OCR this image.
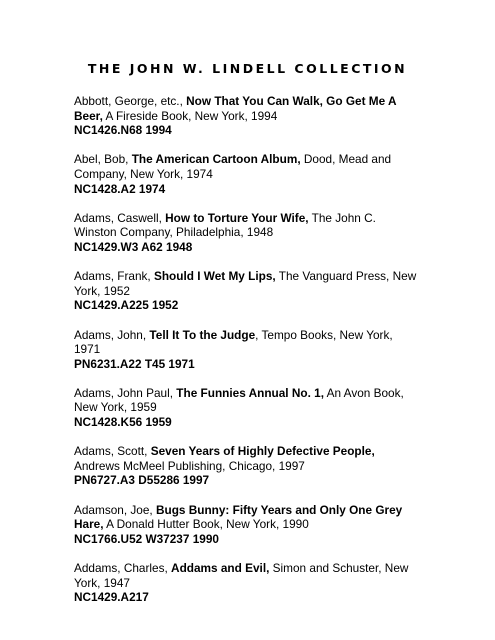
THE JOHN W. LINDELL COLLECTION
Abbott, George, etc., Now That You Can Walk, Go Get Me A Beer, A Fireside Book, New York, 1994
NC1426.N68 1994
Abel, Bob, The American Cartoon Album, Dood, Mead and Company, New York, 1974
NC1428.A2 1974
Adams, Caswell, How to Torture Your Wife, The John C. Winston Company, Philadelphia, 1948
NC1429.W3 A62 1948
Adams, Frank, Should I Wet My Lips, The Vanguard Press, New York, 1952
NC1429.A225 1952
Adams, John, Tell It To the Judge, Tempo Books, New York, 1971
PN6231.A22 T45 1971
Adams, John Paul, The Funnies Annual No. 1, An Avon Book, New York, 1959
NC1428.K56 1959
Adams, Scott, Seven Years of Highly Defective People, Andrews McMeel Publishing, Chicago, 1997
PN6727.A3 D55286 1997
Adamson, Joe, Bugs Bunny: Fifty Years and Only One Grey Hare, A Donald Hutter Book, New York, 1990
NC1766.U52 W37237 1990
Addams, Charles, Addams and Evil, Simon and Schuster, New York, 1947
NC1429.A217
